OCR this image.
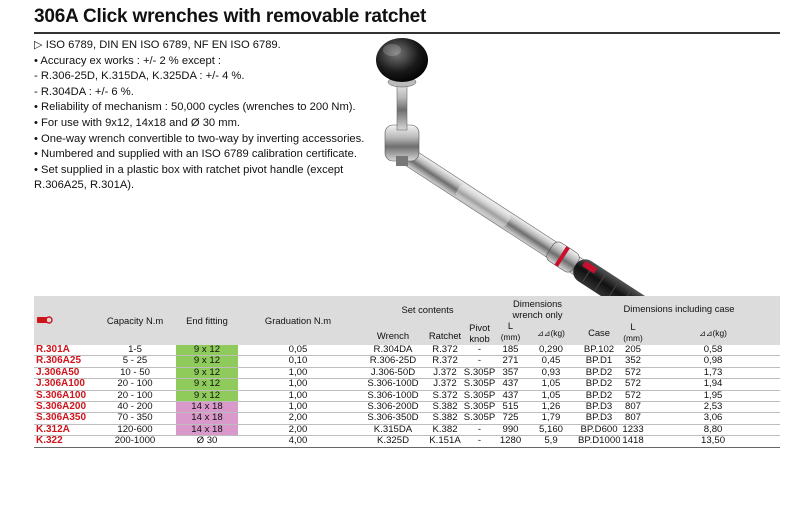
306A Click wrenches with removable ratchet
▷ ISO 6789, DIN EN ISO 6789, NF EN ISO 6789.
• Accuracy ex works : +/- 2 % except :
- R.306-25D, K.315DA, K.325DA : +/- 4 %.
- R.304DA : +/- 6 %.
• Reliability of mechanism : 50,000 cycles (wrenches to 200 Nm).
• For use with 9x12, 14x18 and Ø 30 mm.
• One-way wrench convertible to two-way by inverting accessories.
• Numbered and supplied with an ISO 6789 calibration certificate.
• Set supplied in a plastic box with ratchet pivot handle (except
R.306A25, R.301A).
	Capacity N.m	End fitting	Graduation N.m	Set contents			Dimensions wrench only		Dimensions including case		
				Wrench	Ratchet	Pivot knob	L
(mm)	⊿⊿(kg)	Case	L
(mm)	⊿⊿(kg)
R.301A	1-5	9 x 12	0,05	R.304DA	R.372	-	185	0,290	BP.102	205	0,58
R.306A25	5 - 25	9 x 12	0,10	R.306-25D	R.372	-	271	0,45	BP.D1	352	0,98
J.306A50	10 - 50	9 x 12	1,00	J.306-50D	J.372	S.305P	357	0,93	BP.D2	572	1,73
J.306A100	20 - 100	9 x 12	1,00	S.306-100D	J.372	S.305P	437	1,05	BP.D2	572	1,94
S.306A100	20 - 100	9 x 12	1,00	S.306-100D	S.372	S.305P	437	1,05	BP.D2	572	1,95
S.306A200	40 - 200	14 x 18	1,00	S.306-200D	S.382	S.305P	515	1,26	BP.D3	807	2,53
S.306A350	70 - 350	14 x 18	2,00	S.306-350D	S.382	S.305P	725	1,79	BP.D3	807	3,06
K.312A	120-600	14 x 18	2,00	K.315DA	K.382	-	990	5,160	BP.D600	1233	8,80
K.322	200-1000	Ø 30	4,00	K.325D	K.151A	-	1280	5,9	BP.D1000	1418	13,50
